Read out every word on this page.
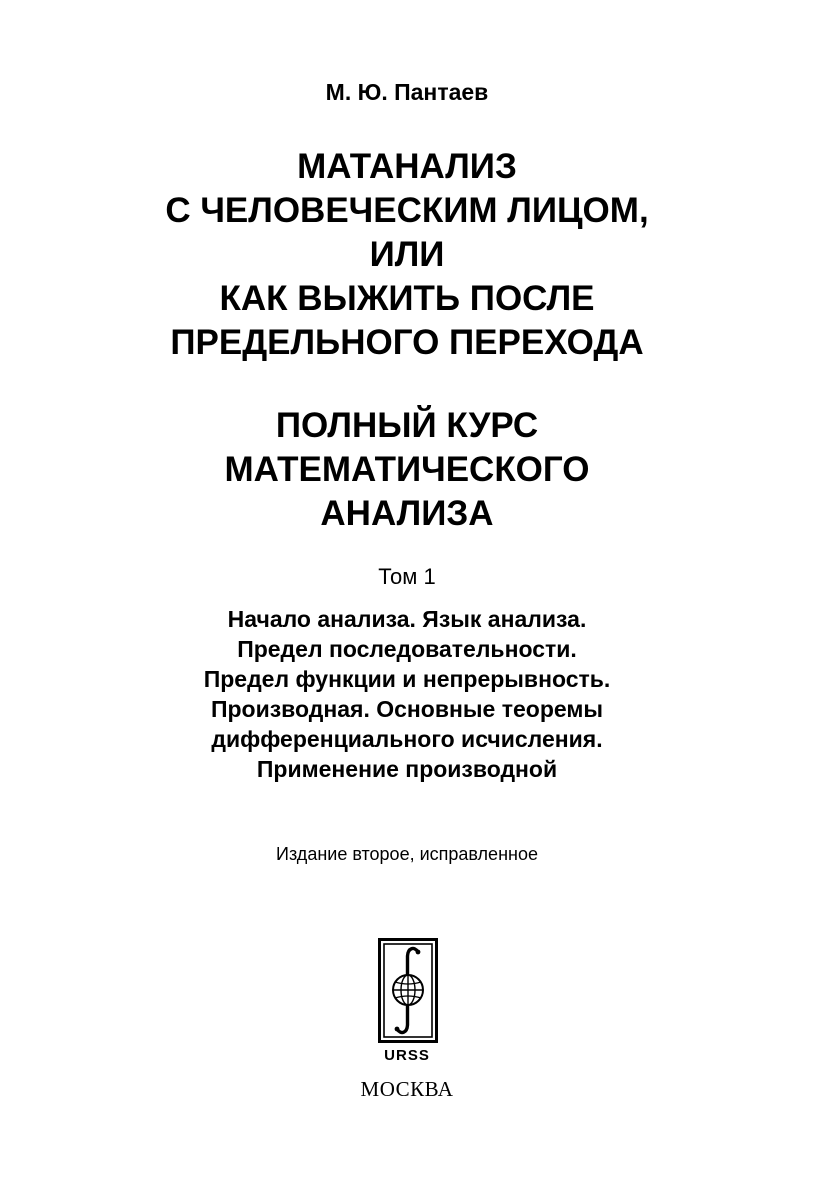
М. Ю. Пантаев
МАТАНАЛИЗ
С ЧЕЛОВЕЧЕСКИМ ЛИЦОМ,
ИЛИ
КАК ВЫЖИТЬ ПОСЛЕ
ПРЕДЕЛЬНОГО ПЕРЕХОДА
ПОЛНЫЙ КУРС
МАТЕМАТИЧЕСКОГО
АНАЛИЗА
Том 1
Начало анализа. Язык анализа.
Предел последовательности.
Предел функции и непрерывность.
Производная. Основные теоремы
дифференциального исчисления.
Применение производной
Издание второе, исправленное
URSS
МОСКВА
